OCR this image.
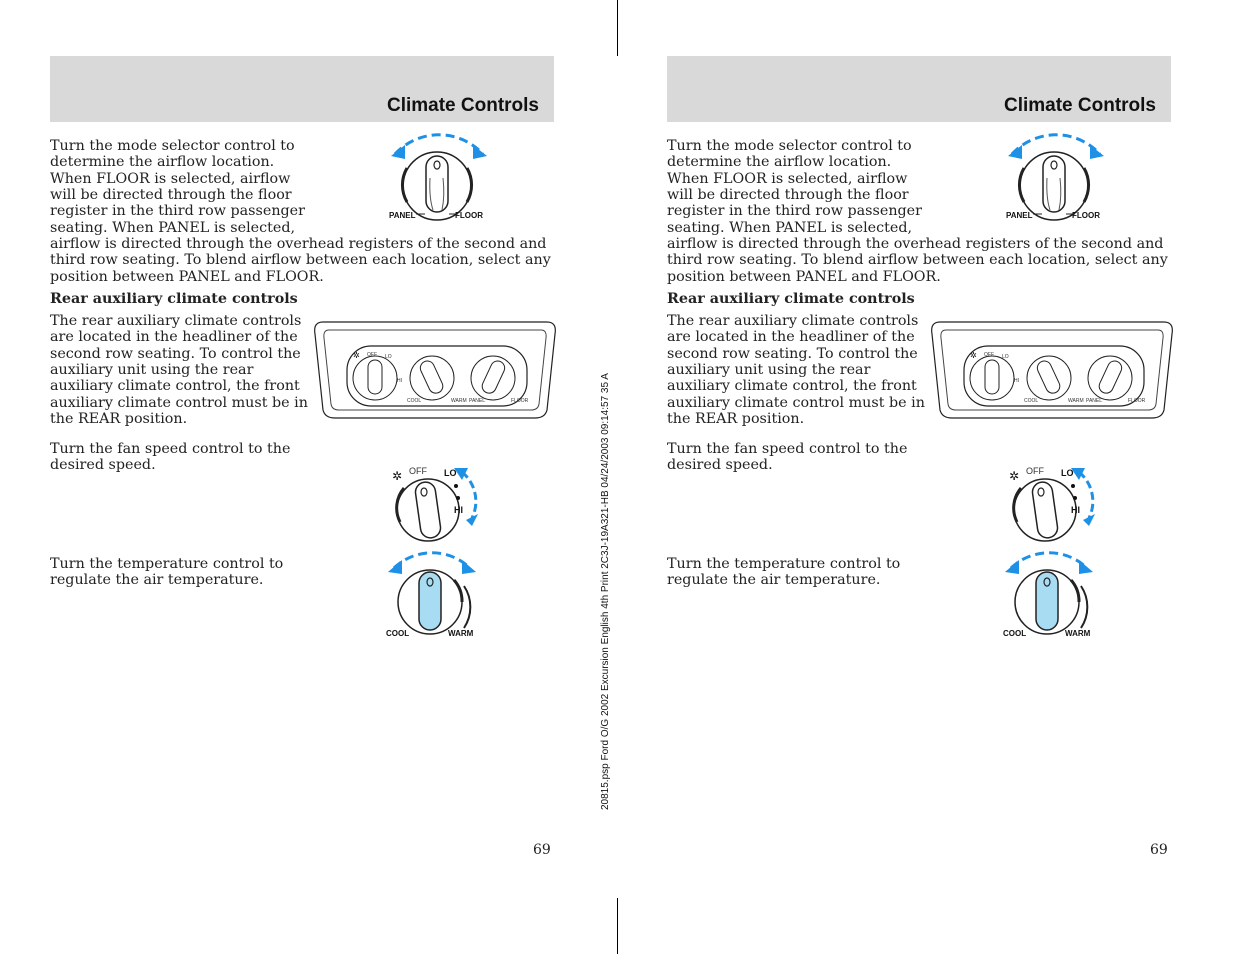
Climate Controls

Turn the mode selector control to

determine the airflow location.

When FLOOR is selected, airflow

will be directed through the floor

register in the third row passenger

seating. When PANEL is selected,

airflow is directed through the overhead registers of the second and

third row seating. To blend airflow between each location, select any

position between PANEL and FLOOR.

PANEL	FLOOR

Rear auxiliary climate controls

The rear auxiliary climate controls

are located in the headliner of the

second row seating. To control the

auxiliary unit using the rear

auxiliary climate control, the front

auxiliary climate control must be in

the REAR position.

✲ OFF LO
HI
COOL	WARM PANEL	FLOOR

Turn the fan speed control to the

desired speed.

✲ OFF LO
HI

Turn the temperature control to

regulate the air temperature.

COOL	WARM
69
20815.psp Ford O/G 2002 Excursion English 4th Print 2C3J-19A321-HB 04/24/2003 09:14:57 35 A
Climate Controls

Turn the mode selector control to

determine the airflow location.

When FLOOR is selected, airflow

will be directed through the floor

register in the third row passenger

seating. When PANEL is selected,

airflow is directed through the overhead registers of the second and

third row seating. To blend airflow between each location, select any

position between PANEL and FLOOR.

PANEL	FLOOR

Rear auxiliary climate controls

The rear auxiliary climate controls

are located in the headliner of the

second row seating. To control the

auxiliary unit using the rear

auxiliary climate control, the front

auxiliary climate control must be in

the REAR position.

✲ OFF LO
HI
COOL	WARM PANEL	FLOOR

Turn the fan speed control to the

desired speed.

✲ OFF LO
HI

Turn the temperature control to

regulate the air temperature.

COOL	WARM
69
